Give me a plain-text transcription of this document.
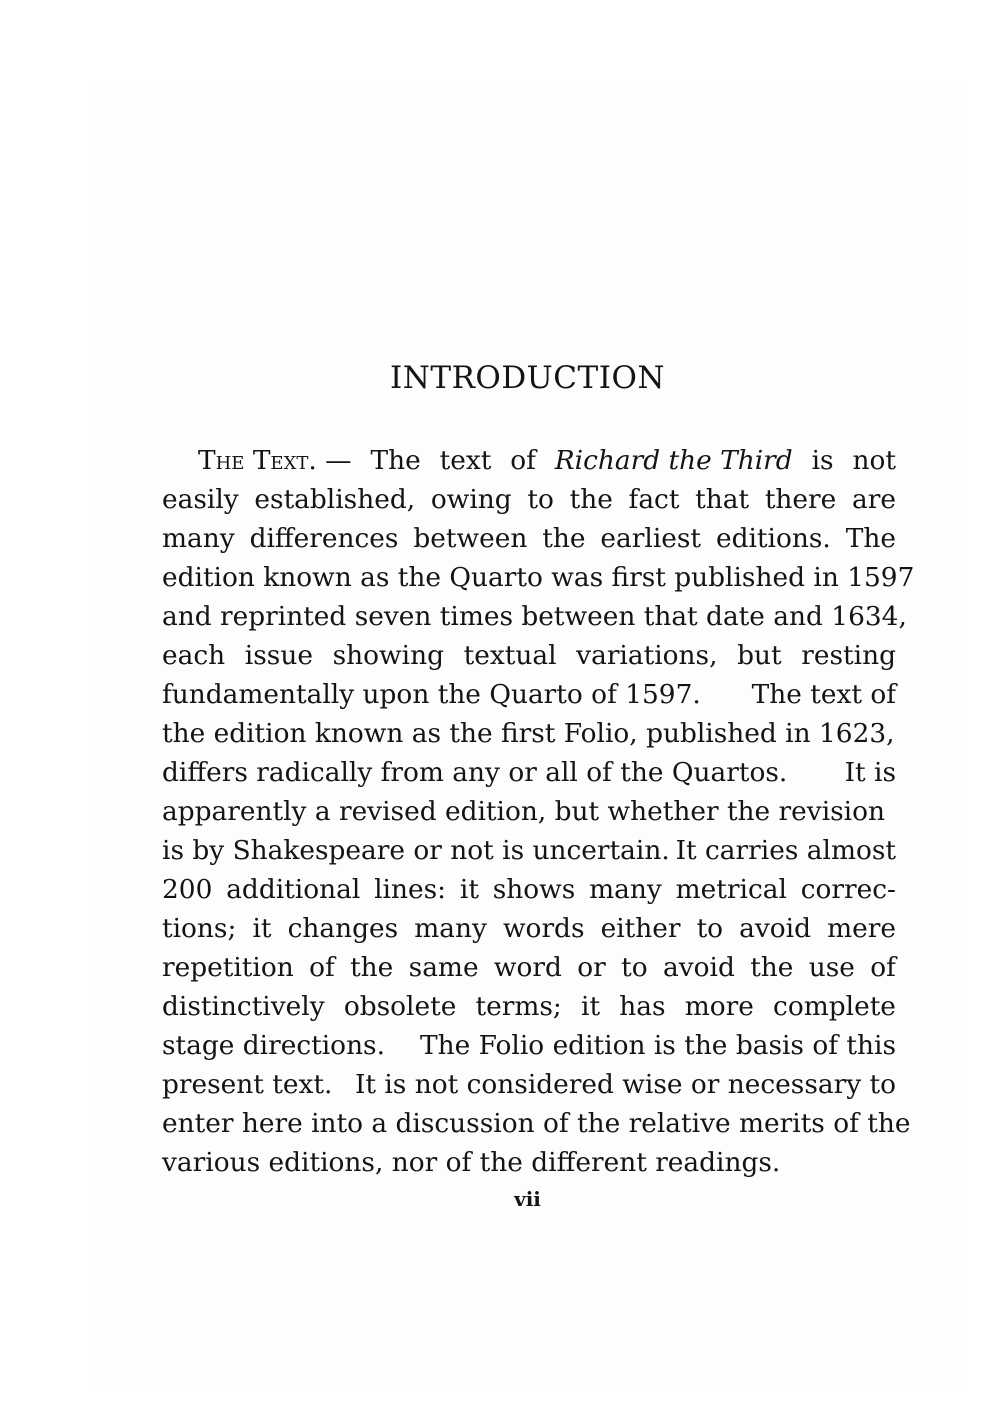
INTRODUCTION
The Text. — The text of Richard the Third is not
easily established, owing to the fact that there are
many differences between the earliest editions. The
edition known as the Quarto was first published in 1597
and reprinted seven times between that date and 1634,
each issue showing textual variations, but resting
fundamentally upon the Quarto of 1597. The text of
the edition known as the first Folio, published in 1623,
differs radically from any or all of the Quartos. It is
apparently a revised edition, but whether the revision
is by Shakespeare or not is uncertain. It carries almost
200 additional lines: it shows many metrical correc-
tions; it changes many words either to avoid mere
repetition of the same word or to avoid the use of
distinctively obsolete terms; it has more complete
stage directions. The Folio edition is the basis of this
present text. It is not considered wise or necessary to
enter here into a discussion of the relative merits of the
various editions, nor of the different readings.
vii
